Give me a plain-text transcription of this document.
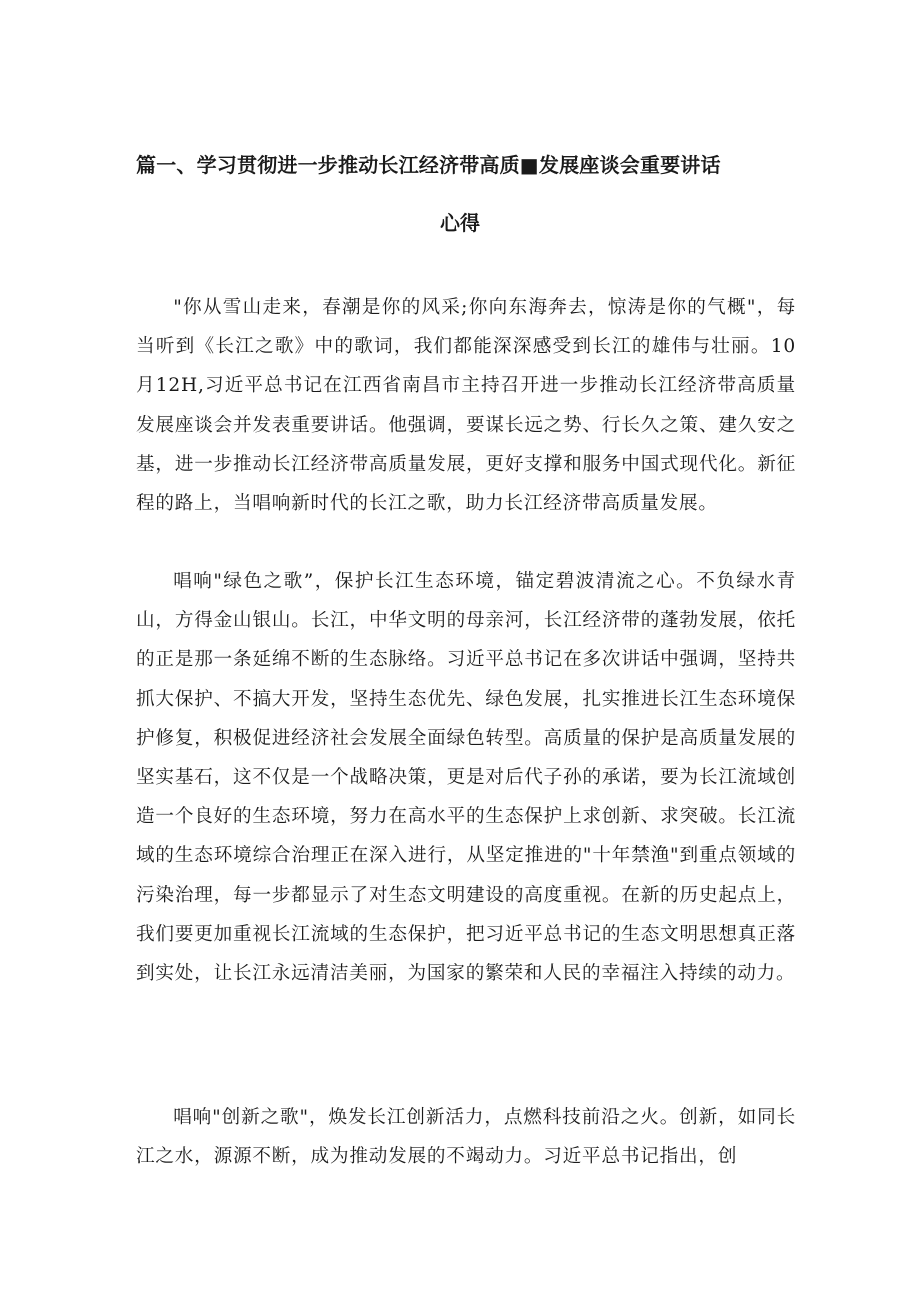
篇一、学习贯彻进一步推动长江经济带高质■发展座谈会重要讲话
心得

"你从雪山走来，春潮是你的风采;你向东海奔去，惊涛是你的气概"，每当听到《长江之歌》中的歌词，我们都能深深感受到长江的雄伟与壮丽。10月12H,习近平总书记在江西省南昌市主持召开进一步推动长江经济带高质量发展座谈会并发表重要讲话。他强调，要谋长远之势、行长久之策、建久安之基，进一步推动长江经济带高质量发展，更好支撑和服务中国式现代化。新征程的路上，当唱响新时代的长江之歌，助力长江经济带高质量发展。

唱响"绿色之歌”，保护长江生态环境，锚定碧波清流之心。不负绿水青山，方得金山银山。长江，中华文明的母亲河，长江经济带的蓬勃发展，依托的正是那一条延绵不断的生态脉络。习近平总书记在多次讲话中强调，坚持共抓大保护、不搞大开发，坚持生态优先、绿色发展，扎实推进长江生态环境保护修复，积极促进经济社会发展全面绿色转型。高质量的保护是高质量发展的坚实基石，这不仅是一个战略决策，更是对后代子孙的承诺，要为长江流域创造一个良好的生态环境，努力在高水平的生态保护上求创新、求突破。长江流域的生态环境综合治理正在深入进行，从坚定推进的"十年禁渔"到重点领域的污染治理，每一步都显示了对生态文明建设的高度重视。在新的历史起点上，我们要更加重视长江流域的生态保护，把习近平总书记的生态文明思想真正落到实处，让长江永远清洁美丽，为国家的繁荣和人民的幸福注入持续的动力。

唱响"创新之歌"，焕发长江创新活力，点燃科技前沿之火。创新，如同长江之水，源源不断，成为推动发展的不竭动力。习近平总书记指出，创
